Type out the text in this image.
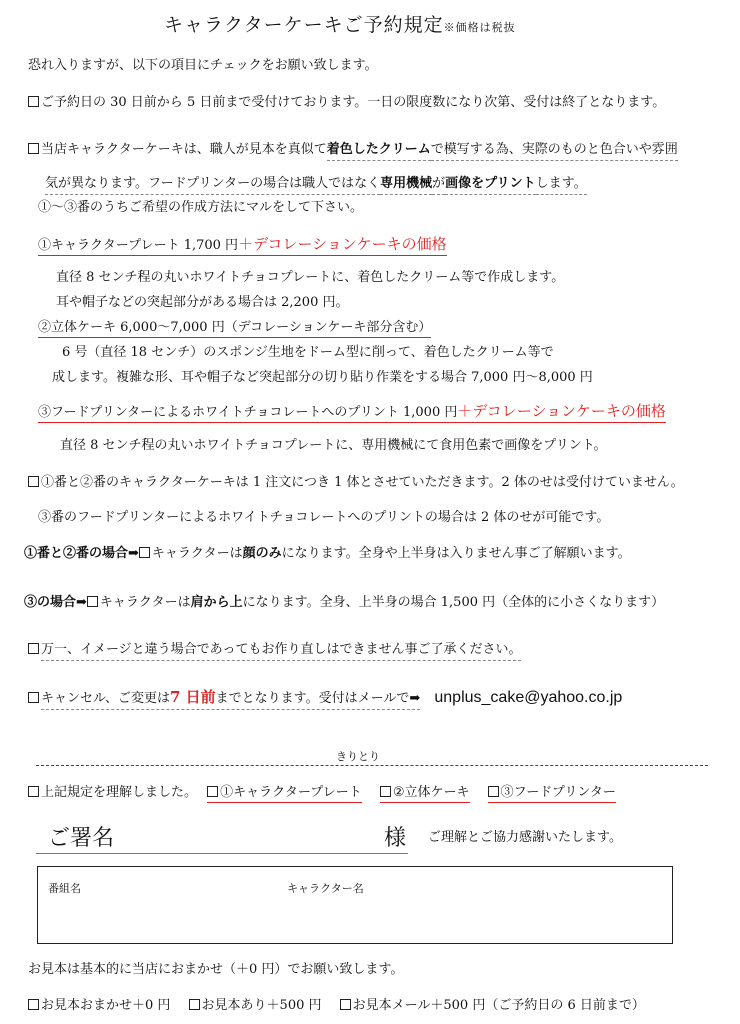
キャラクターケーキご予約規定※価格は税抜
恐れ入りますが、以下の項目にチェックをお願い致します。
ご予約日の 30 日前から 5 日前まで受付けております。一日の限度数になり次第、受付は終了となります。
当店キャラクターケーキは、職人が見本を真似て着色したクリームで模写する為、実際のものと色合いや雰囲
気が異なります。フードプリンターの場合は職人ではなく専用機械が画像をプリントします。
①～③番のうちご希望の作成方法にマルをして下さい。
①キャラクタープレート 1,700 円＋デコレーションケーキの価格
直径 8 センチ程の丸いホワイトチョコプレートに、着色したクリーム等で作成します。
耳や帽子などの突起部分がある場合は 2,200 円。
②立体ケーキ 6,000～7,000 円（デコレーションケーキ部分含む）
6 号（直径 18 センチ）のスポンジ生地をドーム型に削って、着色したクリーム等で
成します。複雑な形、耳や帽子など突起部分の切り貼り作業をする場合 7,000 円～8,000 円
③フードプリンターによるホワイトチョコレートへのプリント 1,000 円＋デコレーションケーキの価格
直径 8 センチ程の丸いホワイトチョコプレートに、専用機械にて食用色素で画像をプリント。
①番と②番のキャラクターケーキは 1 注文につき 1 体とさせていただきます。2 体のせは受付けていません。
③番のフードプリンターによるホワイトチョコレートへのプリントの場合は 2 体のせが可能です。
①番と②番の場合➡ キャラクターは顔のみになります。全身や上半身は入りません事ご了解願います。
③の場合➡ キャラクターは肩から上になります。全身、上半身の場合 1,500 円（全体的に小さくなります）
万一、イメージと違う場合であってもお作り直しはできません事ご了承ください。
キャンセル、ご変更は7 日前までとなります。受付はメールで➡ unplus_cake@yahoo.co.jp
きりとり
上記規定を理解しました。 ①キャラクタープレート ②立体ケーキ ③フードプリンター
ご署名	様 ご理解とご協力感謝いたします。
番組名	キャラクター名
お見本は基本的に当店におまかせ（＋0 円）でお願い致します。
お見本おまかせ＋0 円 お見本あり＋500 円 お見本メール＋500 円（ご予約日の 6 日前まで）
